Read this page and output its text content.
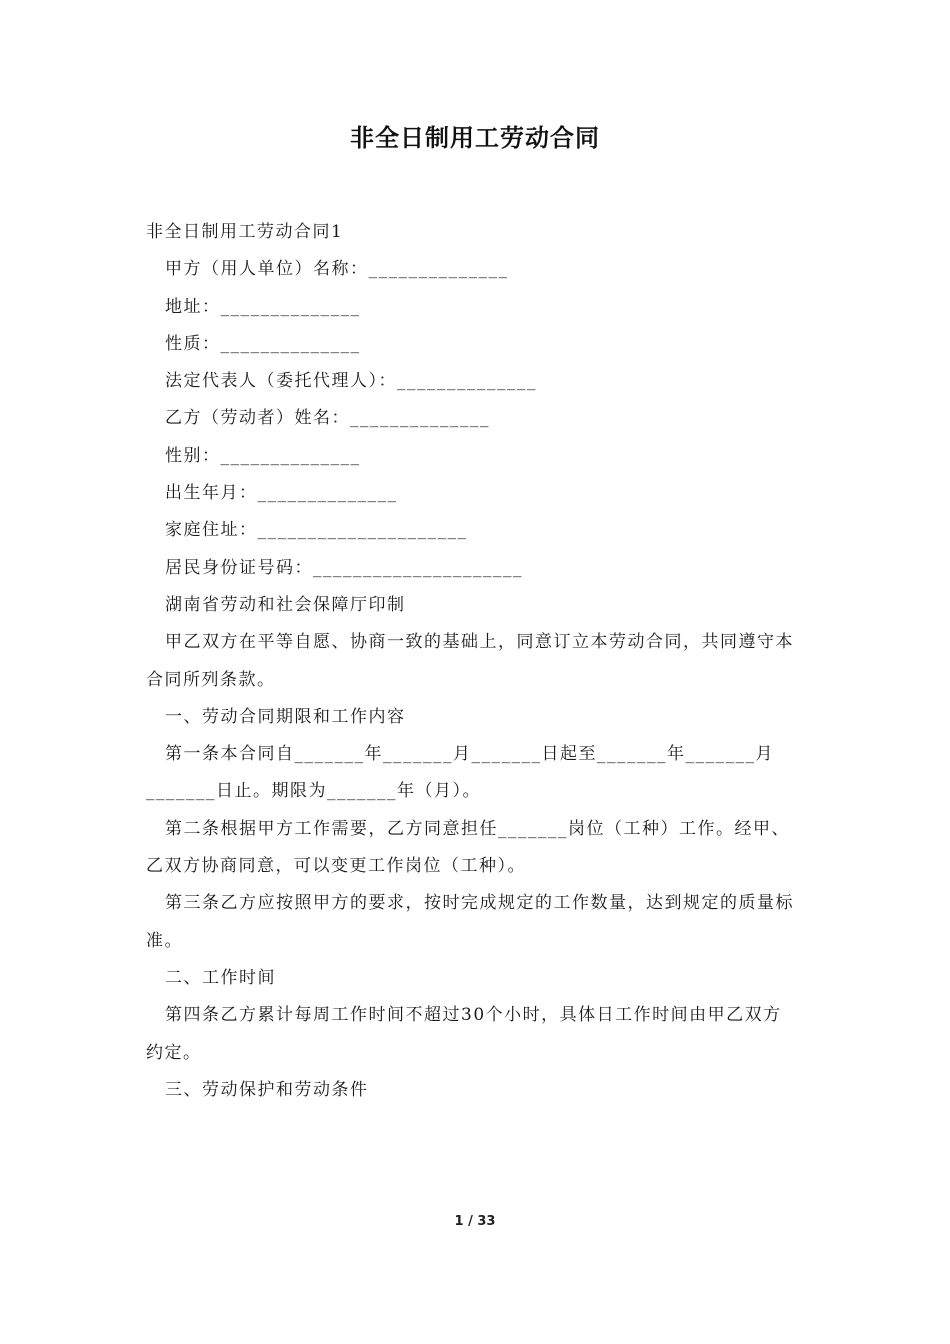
非全日制用工劳动合同
非全日制用工劳动合同1
甲方（用人单位）名称：______________
地址：______________
性质：______________
法定代表人（委托代理人）：______________
乙方（劳动者）姓名：______________
性别：______________
出生年月：______________
家庭住址：_____________________
居民身份证号码：_____________________
湖南省劳动和社会保障厅印制
甲乙双方在平等自愿、协商一致的基础上，同意订立本劳动合同，共同遵守本
合同所列条款。
一、劳动合同期限和工作内容
第一条本合同自_______年_______月_______日起至_______年_______月
_______日止。期限为_______年（月）。
第二条根据甲方工作需要，乙方同意担任_______岗位（工种）工作。经甲、
乙双方协商同意，可以变更工作岗位（工种）。
第三条乙方应按照甲方的要求，按时完成规定的工作数量，达到规定的质量标
准。
二、工作时间
第四条乙方累计每周工作时间不超过30个小时，具体日工作时间由甲乙双方
约定。
三、劳动保护和劳动条件
1 / 33
